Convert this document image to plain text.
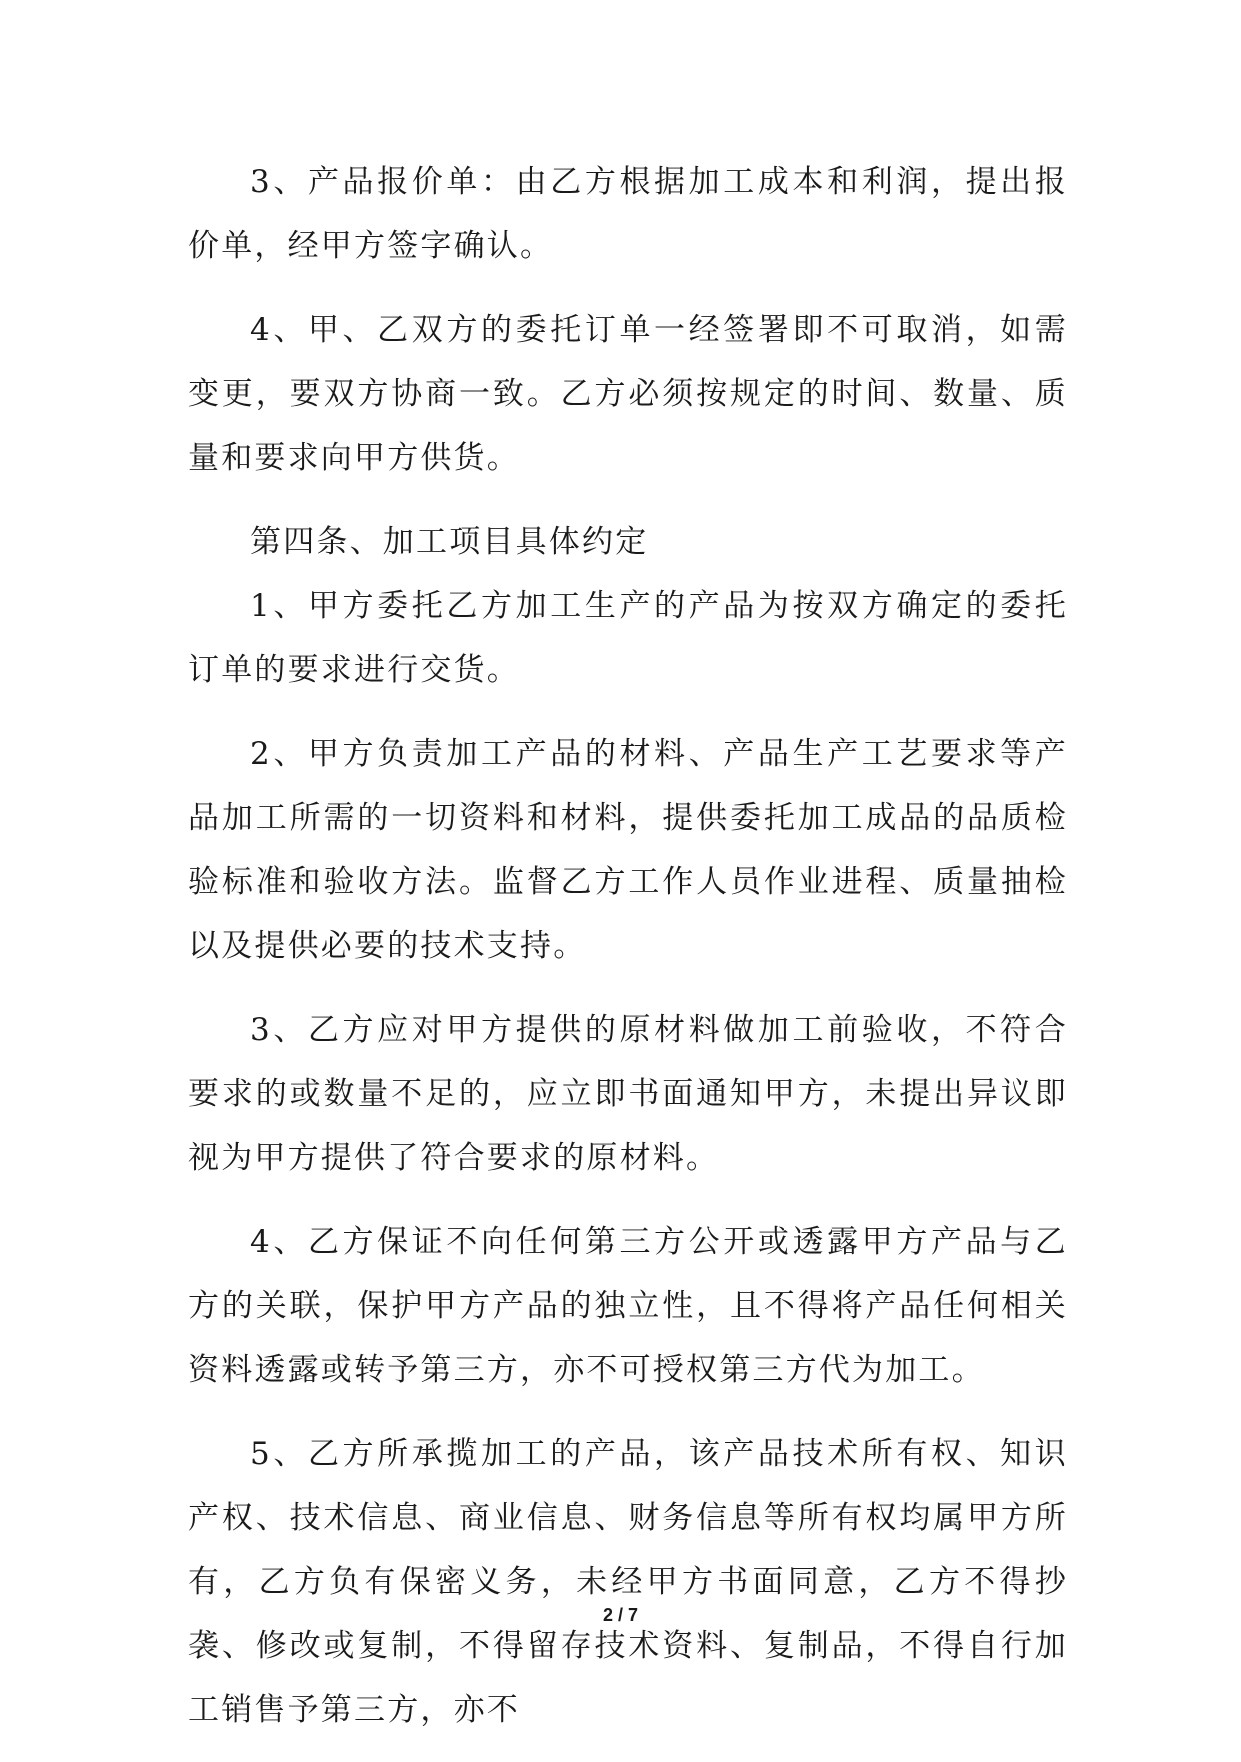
3、产品报价单：由乙方根据加工成本和利润，提出报价单，经甲方签字确认。

4、甲、乙双方的委托订单一经签署即不可取消，如需变更，要双方协商一致。乙方必须按规定的时间、数量、质量和要求向甲方供货。

第四条、加工项目具体约定

1、甲方委托乙方加工生产的产品为按双方确定的委托订单的要求进行交货。

2、甲方负责加工产品的材料、产品生产工艺要求等产品加工所需的一切资料和材料，提供委托加工成品的品质检验标准和验收方法。监督乙方工作人员作业进程、质量抽检以及提供必要的技术支持。

3、乙方应对甲方提供的原材料做加工前验收，不符合要求的或数量不足的，应立即书面通知甲方，未提出异议即视为甲方提供了符合要求的原材料。

4、乙方保证不向任何第三方公开或透露甲方产品与乙方的关联，保护甲方产品的独立性，且不得将产品任何相关资料透露或转予第三方，亦不可授权第三方代为加工。

5、乙方所承揽加工的产品，该产品技术所有权、知识产权、技术信息、商业信息、财务信息等所有权均属甲方所有，乙方负有保密义务，未经甲方书面同意，乙方不得抄袭、修改或复制，不得留存技术资料、复制品，不得自行加工销售予第三方，亦不

2 / 7
